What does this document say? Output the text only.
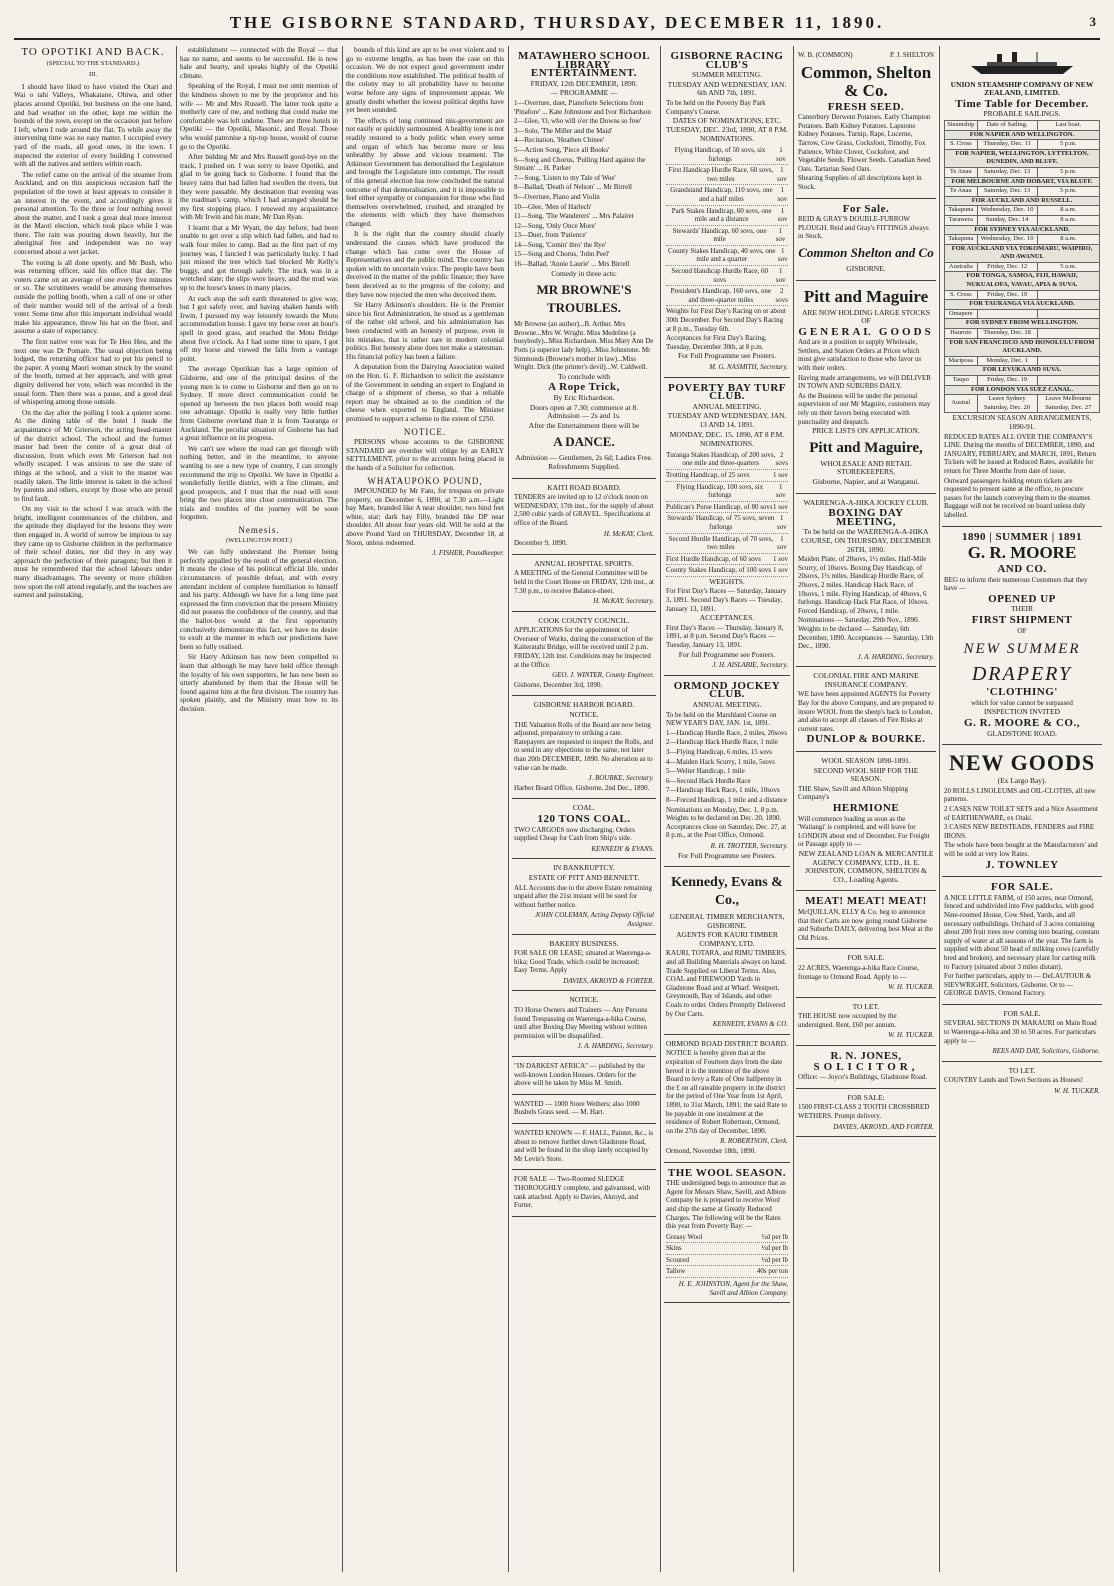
THE GISBORNE STANDARD, THURSDAY, DECEMBER 11, 1890.	3
TO OPOTIKI AND BACK.
(SPECIAL TO THE STANDARD.)
III.

I should have liked to have visited the Otari and Wai o tahi Valleys, Whakatane, Ohiwa, and other places around Opotiki, but business on the one hand, and bad weather on the other, kept me within the bounds of the town, except on the occasion just before I left, when I rode around the flat. To while away the intervening time was no easy matter. I occupied every yard of the roads, all good ones, in the town. I inspected the exterior of every building I conversed with all the natives and settlers within reach.

The relief came on the arrival of the steamer from Auckland, and on this auspicious occasion half the population of the town at least appears to consider it an interest in the event, and accordingly gives it personal attention. To the three or four nothing novel about the matter, and I took a great deal more interest in the Maori election, which took place while I was there. The rain was pouring down heavily, but the aboriginal free and independent was no way concerned about a wet jacket.

The voting is all done openly, and Mr Bush, who was returning officer, said his office that day. The voters came on an average of one every five minutes or so. The scrutineers would be amusing themselves outside the polling booth, when a call of one or other of their number would tell of the arrival of a fresh voter. Some time after this important individual would make his appearance, throw his hat on the floor, and assume a state of expectancy.

The first native vote was for Te Heu Heu, and the next one was Dr Pomare. The usual objection being lodged, the returning officer had to put his pencil to the paper. A young Maori woman struck by the sound of the booth, turned at her approach, and with great dignity delivered her vote, which was recorded in the usual form. Then there was a pause, and a good deal of whispering among those outside.

On the day after the polling I took a quieter scene. At the dining table of the hotel I made the acquaintance of Mr Grierson, the acting head-master of the district school. The school and the former master had been the centre of a great deal of discussion, from which even Mr Grierson had not wholly escaped. I was anxious to see the state of things at the school, and a visit to the master was readily taken. The little interest is taken in the school by parents and others, except by those who are proud to find fault.

On my visit to the school I was struck with the bright, intelligent countenances of the children, and the aptitude they displayed for the lessons they were then engaged in. A world of sorrow be impious to say they came up to Gisborne children in the performance of their school duties, nor did they in any way approach the perfection of their paragons; but then it must be remembered that the school labours under many disadvantages. The seventy or more children now upon the roll attend regularly, and the teachers are earnest and painstaking.

establishment — connected with the Royal — that has no name, and seems to be successful. He is now hale and hearty, and speaks highly of the Opotiki climate.

Speaking of the Royal, I must not omit mention of the kindness shown to me by the proprietor and his wife — Mr and Mrs Russell. The latter took quite a motherly care of me, and nothing that could make me comfortable was left undone. There are three hotels in Opotiki — the Opotiki, Masonic, and Royal. Those who would patronise a tip-top house, would of course go to the Opotiki.

After bidding Mr and Mrs Russell good-bye on the track, I pushed on. I was sorry to leave Opotiki, and glad to be going back to Gisborne. I found that the heavy rains that had fallen had swollen the rivers, but they were passable. My destination that evening was the roadman's camp, which I had arranged should be my first stopping place. I renewed my acquaintance with Mr Irwin and his mate, Mr Dan Ryan.

I learnt that a Mr Wyatt, the day before, had been unable to get over a slip which had fallen, and had to walk four miles to camp. Bad as the first part of my journey was, I fancied I was particularly lucky. I had just missed the tree which had blocked Mr Kelly's buggy, and got through safely. The track was in a wretched state; the slips were heavy, and the mud was up to the horse's knees in many places.

At each stop the soft earth threatened to give way, but I got safely over, and having shaken hands with Irwin, I pursued my way leisurely towards the Motu accommodation house. I gave my horse over an hour's spell in good grass, and reached the Motu Bridge about five o'clock. As I had some time to spare, I got off my horse and viewed the falls from a vantage point.

The average Opotikian has a large opinion of Gisborne, and one of the principal desires of the young men is to come to Gisborne and then go on to Sydney. If more direct communication could be opened up between the two places both would reap one advantage. Opotiki is really very little further from Gisborne overland than it is from Tauranga or Auckland. The peculiar situation of Gisborne has had a great influence on its progress.

We can't see where the road can get through with nothing better, and in the meantime, to anyone wanting to see a new type of country, I can strongly recommend the trip to Opotiki. We have in Opotiki a wonderfully fertile district, with a fine climate, and good prospects, and I trust that the road will soon bring the two places into close communication. The trials and troubles of the journey will be soon forgotten.

Nemesis.
(WELLINGTON POST.)

We can fully understand the Premier being perfectly appalled by the result of the general election. It means the close of his political official life, under circumstances of possible defeat, and with every attendant incident of complete humiliation to himself and his party. Although we have for a long time past expressed the firm conviction that the present Ministry did not possess the confidence of the country, and that the ballot-box would at the first opportunity conclusively demonstrate this fact, we have no desire to exult at the manner in which our predictions have been so fully realised.

Sir Harry Atkinson has now been compelled to learn that although he may have held office through the loyalty of his own supporters, he has now been so utterly abandoned by them that the House will be found against him at the first division. The country has spoken plainly, and the Ministry must bow to its decision.

bounds of this kind are apt to be over violent and to go to extreme lengths, as has been the case on this occasion. We do not expect good government under the conditions now established. The political health of the colony may to all probability have to become worse before any signs of improvement appear. We greatly doubt whether the lowest political depths have yet been sounded.

The effects of long continued mis-government are not easily or quickly surmounted. A healthy tone is not readily restored to a body politic when every sense and organ of which has become more or less unhealthy by abuse and vicious treatment. The Atkinson Government has demoralised the Legislature and brought the Legislature into contempt. The result of this general election has now concluded the natural outcome of that demoralisation, and it is impossible to feel either sympathy or compassion for those who find themselves overwhelmed, crushed, and strangled by the elements with which they have themselves changed.

It is the right that the country should clearly understand the causes which have produced the change which has come over the House of Representatives and the public mind. The country has spoken with no uncertain voice. The people have been deceived in the matter of the public finance; they have been deceived as to the progress of the colony; and they have now rejected the men who deceived them.

Sir Harry Atkinson's shoulders. He is the Premier since his first Administration, he stood as a gentleman of the rather old school, and his administration has been conducted with an honesty of purpose, even in his mistakes, that is rather rare in modern colonial politics. But honesty alone does not make a statesman. His financial policy has been a failure.

A deputation from the Dairying Association waited on the Hon. G. F. Richardson to solicit the assistance of the Government in sending an expert to England in charge of a shipment of cheese, so that a reliable report may be obtained as to the condition of the cheese when exported to England. The Minister promised to support a scheme to the extent of £250.

NOTICE.

PERSONS whose accounts to the GISBORNE STANDARD are overdue will oblige by an EARLY SETTLEMENT, prior to the accounts being placed in the hands of a Solicitor for collection.

WHATAUPOKO POUND,

IMPOUNDED by Mr Fatu, for trespass on private property, on December 6, 1890, at 7.30 a.m.—Light bay Mare, branded like A near shoulder, two hind feet white, star; dark bay Filly, branded like DP near shoulder. All about four years old. Will be sold at the above Pound Yard on THURSDAY, December 18, at Noon, unless redeemed.

J. FISHER, Poundkeeper.
MATAWHERO SCHOOL LIBRARY ENTERTAINMENT.
FRIDAY, 12th DECEMBER, 1890.
— PROGRAMME —
1—Overture, duet, Pianoforte Selections from 'Pinafore' ... Kate Johnstone and Ivor Richardson
2—Glee, 'O, who will o'er the Downs so free'
3—Solo, 'The Miller and the Maid'
4—Recitation, 'Heathen Chinee'
5—Action Song, 'Piece all Books'
6—Song and Chorus, 'Pulling Hard against the Stream' ... H. Parker
7—Song, 'Listen to my Tale of Woe'
8—Ballad, 'Death of Nelson' ... Mr Birrell
9—Overture, Piano and Violin
10—Glee, 'Men of Harlech'
11—Song, 'The Wanderers' ... Mrs Palairet
12—Song, 'Only Once More'
13—Duet, from 'Patience'
14—Song, 'Comin' thro' the Rye'
15—Song and Chorus, 'John Peel'
16—Ballad, 'Annie Laurie' ... Mrs Birrell
Comedy in three acts:
MR BROWNE'S TROUBLES.
Mr Browne (an author)...B. Arthur. Mrs Browne...Mrs W. Wright. Miss Medeline (a busybody)...Miss Richardson. Miss Mary Ann De Potts (a superior lady help)...Miss Johnstone. Mr Simmonds (Browne's mother in law)...Miss Wright. Dick (the printer's devil)...W. Caldwell.
To conclude with
A Rope Trick,
By Eric Richardson.
Doors open at 7.30; commence at 8. Admission — 2s and 1s.
After the Entertainment there will be
A DANCE.
Admission — Gentlemen, 2s 6d; Ladies Free. Refreshments Supplied.
KAITI ROAD BOARD.
TENDERS are invited up to 12 o'clock noon on WEDNESDAY, 17th inst., for the supply of about 2,500 cubic yards of GRAVEL. Specifications at office of the Board.
H. McKAY, Clerk.
December 9, 1890.
ANNUAL HOSPITAL SPORTS.
A MEETING of the General Committee will be held in the Court House on FRIDAY, 12th inst., at 7.30 p.m., to receive Balance-sheet.
H. McKAY, Secretary.
COOK COUNTY COUNCIL.
APPLICATIONS for the appointment of Overseer of Works, during the construction of the Kaiteratahi Bridge, will be received until 2 p.m. FRIDAY, 12th inst. Conditions may be inspected at the Office.
GEO. J. WINTER, County Engineer.
Gisborne, December 3rd, 1890.
GISBORNE HARBOR BOARD.
NOTICE.
THE Valuation Rolls of the Board are now being adjusted, preparatory to striking a rate. Ratepayers are requested to inspect the Rolls, and to send in any objections to the same, not later than 20th DECEMBER, 1890. No alteration as to value can be made.
J. BOURKE, Secretary.
Harbor Board Office, Gisborne, 2nd Dec., 1890.
COAL.
120 TONS COAL.
TWO CARGOES now discharging. Orders supplied Cheap for Cash from Ship's side.
KENNEDY & EVANS.
IN BANKRUPTCY.
ESTATE OF PITT AND BENNETT.
ALL Accounts due to the above Estate remaining unpaid after the 21st instant will be sued for without further notice.
JOHN COLEMAN, Acting Deputy Official Assignee.
BAKERY BUSINESS.
FOR SALE OR LEASE; situated at Waerenga-a-hika; Good Trade, which could be increased; Easy Terms. Apply
DAVIES, AKROYD & FORTER.
NOTICE.
TO Horse Owners and Trainers — Any Persons found Trespassing on Waerenga-a-hika Course, until after Boxing Day Meeting without written permission will be disqualified.
J. A. HARDING, Secretary.
"IN DARKEST AFRICA" — published by the well-known London Houses. Orders for the above will be taken by Miss M. Smith.
WANTED — 1000 Store Wethers; also 1000 Bushels Grass seed. — M. Hart.
WANTED KNOWN — F. HALL, Painter, &c., is about to remove further down Gladstone Road, and will be found in the shop lately occupied by Mr Levin's Store.
FOR SALE — Two-Roomed SLEDGE THOROUGHLY complete, and galvanised, with tank attached. Apply to Davies, Akroyd, and Forter.
GISBORNE RACING CLUB'S
SUMMER MEETING.
TUESDAY AND WEDNESDAY, JAN. 6th AND 7th, 1891.
To be held on the Poverty Bay Park Company's Course.
DATES OF NOMINATIONS, ETC. TUESDAY, DEC. 23rd, 1890, AT 8 P.M.
NOMINATIONS.
Flying Handicap, of 50 sovs, six furlongs
1 sov
First Handicap Hurdle Race, 60 sovs, two miles
1 sov
Grandstand Handicap, 110 sovs, one and a half miles
1 sov
Park Stakes Handicap, 60 sovs, one mile and a distance
1 sov
Stewards' Handicap, 60 sovs, one mile
1 sov
County Stakes Handicap, 40 sovs, one mile and a quarter
1 sov
Second Handicap Hurdle Race, 60 sovs
1 sov
President's Handicap, 160 sovs, one and three-quarter miles
2 sovs
Weights for First Day's Racing on or about 30th December. For Second Day's Racing at 8 p.m., Tuesday 6th.
Acceptances for First Day's Racing, Tuesday, December 30th, at 8 p.m.
For Full Programme see Posters.
M. G. NASMITH, Secretary.
POVERTY BAY TURF CLUB.
ANNUAL MEETING.
TUESDAY AND WEDNESDAY, JAN. 13 AND 14, 1891.
MONDAY, DEC. 15, 1890, AT 8 P.M.
NOMINATIONS.
Turanga Stakes Handicap, of 200 sovs, one mile and three-quarters
2 sovs
Trotting Handicap, of 25 sovs	1 sov
Flying Handicap, 100 sovs, six furlongs
1 sov
Publican's Purse Handicap, of 80 sovs 1 sov
Stewards' Handicap, of 75 sovs, seven furlongs
1 sov
Second Hurdle Handicap, of 70 sovs, two miles
1 sov
First Hurdle Handicap, of 60 sovs 1 sov
County Stakes Handicap, of 100 sovs 1 sov
WEIGHTS.
For First Day's Races — Saturday, January 3, 1891. Second Day's Races — Tuesday, January 13, 1891.
ACCEPTANCES.
First Day's Races — Thursday, January 8, 1891, at 8 p.m. Second Day's Races — Tuesday, January 13, 1891.
For full Programme see Posters.
J. H. AISLABIE, Secretary.
ORMOND JOCKEY CLUB.
ANNUAL MEETING.
To be held on the Marshland Course on NEW YEAR'S DAY, JAN. 1st, 1891.
1—Handicap Hurdle Race, 2 miles, 20sovs
2—Handicap Hack Hurdle Race, 1 mile
3—Flying Handicap, 6 miles, 15 sovs
4—Maiden Hack Scurry, 1 mile, 5sovs
5—Welter Handicap, 1 mile
6—Second Hack Hurdle Race
7—Handicap Hack Race, 1 mile, 10sovs
8—Forced Handicap, 1 mile and a distance
Nominations on Monday, Dec. 1, 8 p.m. Weights to be declared on Dec. 20, 1890. Acceptances close on Saturday, Dec. 27, at 8 p.m., at the Post Office, Ormond.
R. H. TROTTER, Secretary.
For Full Programme see Posters.
Kennedy, Evans & Co.,
GENERAL TIMBER MERCHANTS, GISBORNE.
AGENTS FOR KAURI TIMBER COMPANY, LTD.
KAURI, TOTARA, and RIMU TIMBERS, and all Building Materials always on hand. Trade Supplied on Liberal Terms. Also, COAL and FIREWOOD Yards in Gladstone Road and at Wharf. Westport, Greymouth, Bay of Islands, and other Coals to order. Orders Promptly Delivered by Our Carts.
KENNEDY, EVANS & CO.
ORMOND ROAD DISTRICT BOARD.
NOTICE is hereby given that at the expiration of Fourteen days from the date hereof it is the intention of the above Board to levy a Rate of One halfpenny in the £ on all rateable property in the district for the period of One Year from 1st April, 1890, to 31st March, 1891; the said Rate to be payable in one instalment at the residence of Robert Robertson, Ormond, on the 27th day of December, 1890.
R. ROBERTSON, Clerk.
Ormond, November 18th, 1890.
THE WOOL SEASON.
THE undersigned begs to announce that as Agent for Messrs Shaw, Savill, and Albion Company he is prepared to receive Wool and ship the same at Greatly Reduced Charges. The following will be the Rates this year from Poverty Bay: —
Greasy Wool	½d per lb
Skins	½d per lb
Scoured	½d per lb
Tallow	40s per ton
H. E. JOHNSTON, Agent for the Shaw, Savill and Albion Company.
W. B. (COMMON)	P. J. SHELTON
Common, Shelton & Co.
FRESH SEED.
Canterbury Derwent Potatoes. Early Champion Potatoes. Bath Kidney Potatoes. Lapstone Kidney Potatoes. Turnip, Rape, Lucerne, Tarrow, Cow Grass, Cocksfoot, Timothy, Fox Patience, White Clover, Cocksfoot, and Vegetable Seeds. Flower Seeds. Canadian Seed Oats. Tartarian Seed Oats.
Shearing Supplies of all descriptions kept in Stock.
For Sale.
REID & GRAY'S DOUBLE-FURROW PLOUGH. Reid and Gray's FITTINGS always in Stock.
Common Shelton and Co
GISBORNE.
Pitt and Maguire
ARE NOW HOLDING LARGE STOCKS OF
GENERAL GOODS
And are in a position to supply Wholesale, Settlers, and Station Orders at Prices which must give satisfaction to those who favor us with their orders.
Having made arrangements, we will DELIVER IN TOWN AND SUBURBS DAILY.
As the Business will be under the personal supervision of our Mr Maguire, customers may rely on their favors being executed with punctuality and despatch.
PRICE LISTS ON APPLICATION.
Pitt and Maguire,
WHOLESALE AND RETAIL STOREKEEPERS,
Gisborne, Napier, and at Wanganui.
WAERENGA-A-HIKA JOCKEY CLUB.
BOXING DAY MEETING,
To be held on the WAERENGA-A-HIKA COURSE, ON THURSDAY, DECEMBER 26TH, 1890.
Maiden Plate, of 20sovs, 1½ miles. Half-Mile Scurry, of 10sovs. Boxing Day Handicap, of 20sovs, 1½ miles. Handicap Hurdle Race, of 20sovs, 2 miles. Handicap Hack Race, of 10sovs, 1 mile. Flying Handicap, of 40sovs, 6 furlongs. Handicap Hack Flat Race, of 10sovs. Forced Handicap, of 20sovs, 1 mile.
Nominations — Saturday, 29th Nov., 1890. Weights to be declared — Saturday, 6th December, 1890. Acceptances — Saturday, 13th Dec., 1890.
J. A. HARDING, Secretary.
COLONIAL FIRE AND MARINE INSURANCE COMPANY.
WE have been appointed AGENTS for Poverty Bay for the above Company, and are prepared to insure WOOL from the sheep's back to London, and also to accept all classes of Fire Risks at current rates.
DUNLOP & BOURKE.
WOOL SEASON 1890-1891.
SECOND WOOL SHIP FOR THE SEASON.
THE Shaw, Savill and Albion Shipping Company's
HERMIONE
Will commence loading as soon as the 'Waitangi' is completed, and will leave for LONDON about end of December. For Freight or Passage apply to —
NEW ZEALAND LOAN & MERCANTILE AGENCY COMPANY, LTD., H. E. JOHNSTON, COMMON, SHELTON & CO., Loading Agents.
MEAT! MEAT! MEAT!
McQUILLAN, ELLY & Co. beg to announce that their Carts are now going round Gisborne and Suburbs DAILY, delivering best Meat at the Old Prices.
FOR SALE.
22 ACRES, Waerenga-a-hika Race Course, frontage to Ormond Road. Apply to —
W. H. TUCKER.
TO LET.
THE HOUSE now occupied by the undersigned. Rent, £60 per annum.
W. H. TUCKER.
R. N. JONES,
SOLICITOR,
Office: — Joyce's Buildings, Gladstone Road.
FOR SALE:
1500 FIRST-CLASS 2 TOOTH CROSSBRED WETHERS. Prompt delivery.
DAVIES, AKROYD, AND FORTER.
UNION STEAMSHIP COMPANY OF NEW ZEALAND, LIMITED.
Time Table for December.
PROBABLE SAILINGS.
Steamship	Date of Sailing.	Last boat.
FOR NAPIER AND WELLINGTON.		
S. Cross	Thursday, Dec. 11	5 p.m.
FOR NAPIER, WELLINGTON, LYTTELTON, DUNEDIN, AND BLUFF.		
Te Anau	Saturday, Dec. 13	5 p.m.
FOR MELBOURNE AND HOBART, VIA BLUFF.		
Te Anau	Saturday, Dec. 13	5 p.m.
FOR AUCKLAND AND RUSSELL.		
Takapuna	Wednesday, Dec. 10	8 a.m.
Tarawera	Sunday, Dec. 14	8 a.m.
FOR SYDNEY VIA AUCKLAND.		
Takapuna	Wednesday, Dec. 10	8 a.m.
FOR AUCKLAND VIA TOKOMARU, WAIPIRO, AND AWANUI.		
Australia	Friday, Dec. 12	5 a.m.
FOR TONGA, SAMOA, FIJI, HAWAII, NUKUALOFA, VAVAU, APIA & SUVA.		
S. Cross	Friday, Dec. 19	
FOR TAURANGA VIA AUCKLAND.		
Omapere		
FOR SYDNEY FROM WELLINGTON.		
Hauroto	Thursday, Dec. 18	
FOR SAN FRANCISCO AND HONOLULU FROM AUCKLAND.		
Mariposa	Monday, Dec. 1	
FOR LEVUKA AND SUVA.		
Taupo	Friday, Dec. 19	
FOR LONDON VIA SUEZ CANAL.		
Austral	Leave Sydney Saturday, Dec. 20	Leave Melbourne Saturday, Dec. 27
EXCURSION SEASON ARRANGEMENTS, 1890-91.
REDUCED RATES ALL OVER THE COMPANY'S LINE. During the months of DECEMBER, 1890, and JANUARY, FEBRUARY, and MARCH, 1891, Return Tickets will be issued at Reduced Rates, available for return for Three Months from date of issue.
Outward passengers holding return tickets are requested to present same at the office, to procure passes for the launch conveying them to the steamer. Baggage will not be received on board unless duly labelled.
1890 | SUMMER | 1891
G. R. MOORE
AND CO.
BEG to inform their numerous Customers that they have —
OPENED UP
THEIR
FIRST SHIPMENT
OF
NEW SUMMER
DRAPERY
'CLOTHING'
which for value cannot be surpassed
INSPECTION INVITED
G. R. MOORE & CO.,
GLADSTONE ROAD.
NEW GOODS
(Ex Largo Bay).
20 ROLLS LINOLEUMS and OIL-CLOTHS, all new patterns.
2 CASES NEW TOILET SETS and a Nice Assortment of EARTHENWARE, ex Otaki.
3 CASES NEW BEDSTEADS, FENDERS and FIRE IRONS.
The whole have been bought at the Manufacturers' and will be sold at very low Rates.
J. TOWNLEY
FOR SALE.
A NICE LITTLE FARM, of 150 acres, near Ormond, fenced and subdivided into Five paddocks, with good Nine-roomed House, Cow Shed, Yards, and all necessary outbuildings. Orchard of 3 acres containing about 200 fruit trees now coming into bearing, constant supply of water at all seasons of the year. The farm is supplied with about 50 head of milking cows (carefully bred and broken), and necessary plant for carting milk to Factory (situated about 3 miles distant).
For further particulars, apply to — DeLAUTOUR & SIEVWRIGHT, Solicitors, Gisborne. Or to — GEORGE DAVIS, Ormond Factory.
FOR SALE.
SEVERAL SECTIONS IN MAKAURI on Main Road to Waerenga-a-hika and 30 to 50 acres. For particulars apply to —
REES AND DAY, Solicitors, Gisborne.
TO LET.
COUNTRY Lands and Town Sections as Houses!
W. H. TUCKER.
